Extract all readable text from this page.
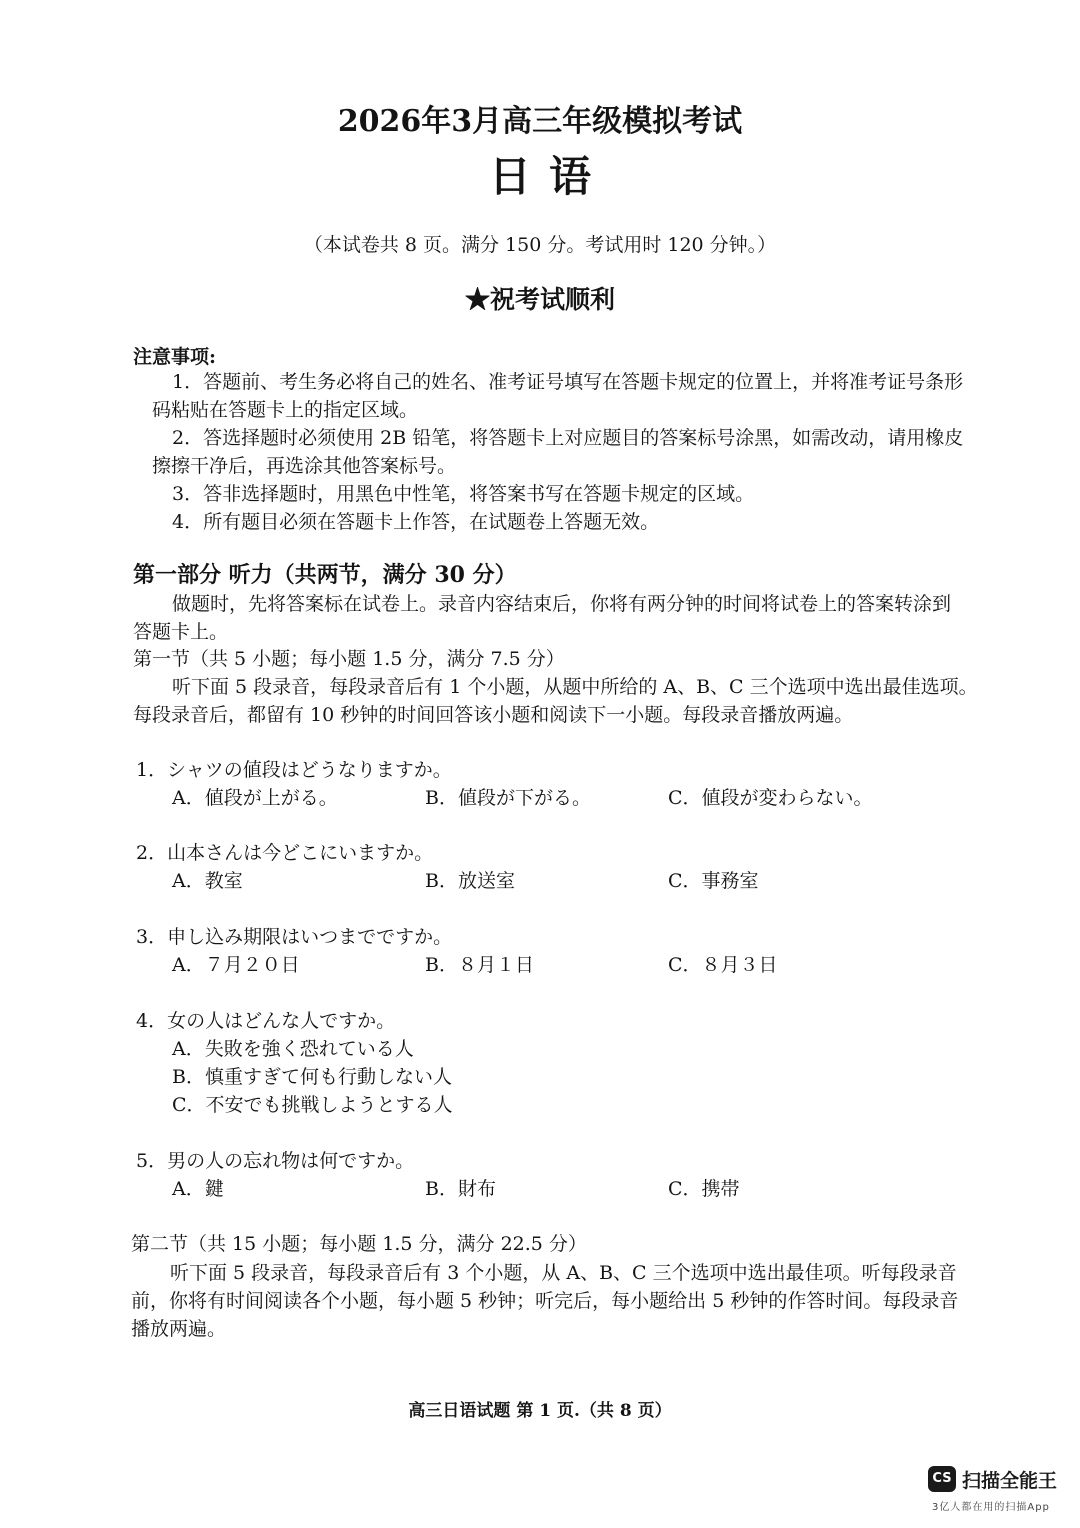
2026年3月高三年级模拟考试
日语
（本试卷共 8 页。满分 150 分。考试用时 120 分钟。）
★祝考试顺利
注意事项:
1．答题前、考生务必将自己的姓名、准考证号填写在答题卡规定的位置上，并将准考证号条形
码粘贴在答题卡上的指定区域。
2．答选择题时必须使用 2B 铅笔，将答题卡上对应题目的答案标号涂黑，如需改动，请用橡皮
擦擦干净后，再选涂其他答案标号。
3．答非选择题时，用黑色中性笔，将答案书写在答题卡规定的区域。
4．所有题目必须在答题卡上作答，在试题卷上答题无效。
第一部分 听力（共两节，满分 30 分）
做题时，先将答案标在试卷上。录音内容结束后，你将有两分钟的时间将试卷上的答案转涂到
答题卡上。
第一节（共 5 小题；每小题 1.5 分，满分 7.5 分）
听下面 5 段录音，每段录音后有 1 个小题，从题中所给的 A、B、C 三个选项中选出最佳选项。
每段录音后，都留有 10 秒钟的时间回答该小题和阅读下一小题。每段录音播放两遍。
1．シャツの値段はどうなりますか。
A．値段が上がる。	B．値段が下がる。	C．値段が変わらない。
2．山本さんは今どこにいますか。
A．教室	B．放送室	C．事務室
3．申し込み期限はいつまでですか。
A．７月２０日	B．８月１日	C．８月３日
4．女の人はどんな人ですか。
A．失敗を強く恐れている人
B．慎重すぎて何も行動しない人
C．不安でも挑戦しようとする人
5．男の人の忘れ物は何ですか。
A．鍵	B．財布	C．携帯
第二节（共 15 小题；每小题 1.5 分，满分 22.5 分）
听下面 5 段录音，每段录音后有 3 个小题，从 A、B、C 三个选项中选出最佳项。听每段录音
前，你将有时间阅读各个小题，每小题 5 秒钟；听完后，每小题给出 5 秒钟的作答时间。每段录音
播放两遍。
高三日语试题 第 1 页.（共 8 页）
CS 扫描全能王
3亿人都在用的扫描App
